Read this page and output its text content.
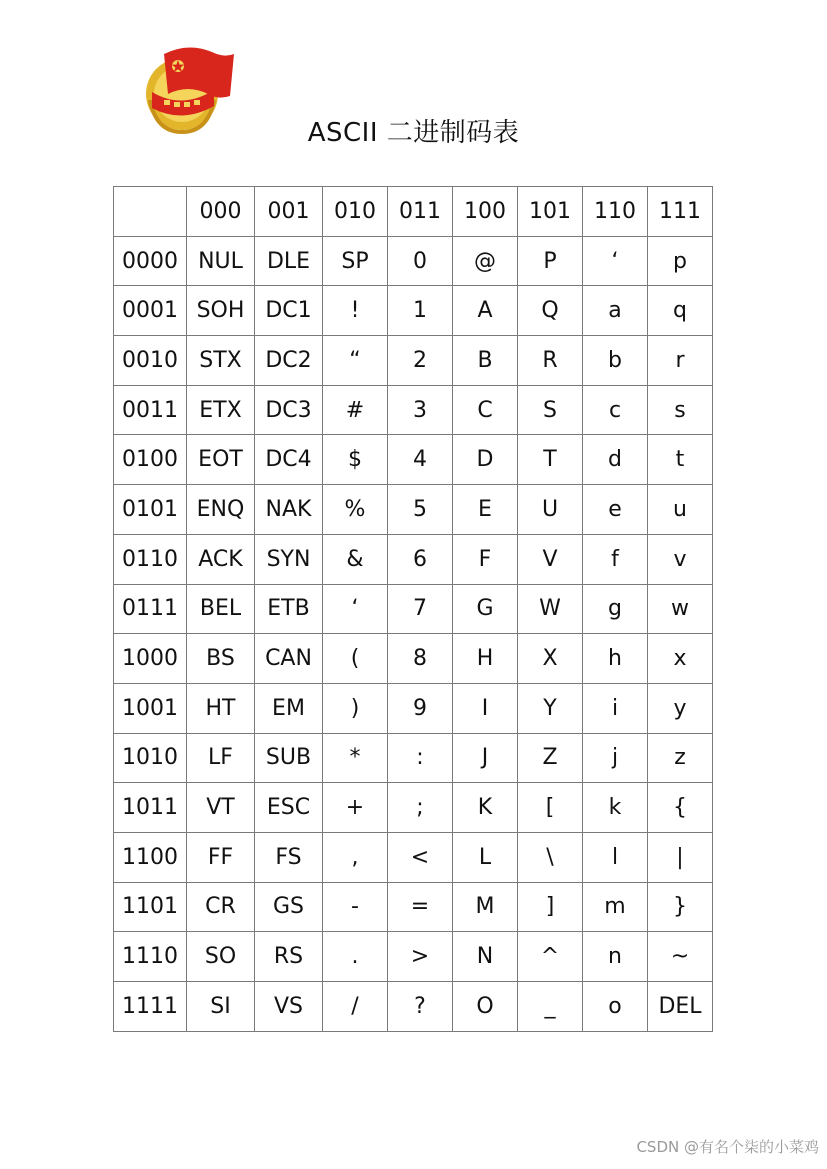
ASCII 二进制码表
	000	001	010	011	100	101	110	111
0000	NUL	DLE	SP	0	@	P	‘	p
0001	SOH	DC1	!	1	A	Q	a	q
0010	STX	DC2	“	2	B	R	b	r
0011	ETX	DC3	#	3	C	S	c	s
0100	EOT	DC4	$	4	D	T	d	t
0101	ENQ	NAK	%	5	E	U	e	u
0110	ACK	SYN	&	6	F	V	f	v
0111	BEL	ETB	‘	7	G	W	g	w
1000	BS	CAN	(	8	H	X	h	x
1001	HT	EM	)	9	I	Y	i	y
1010	LF	SUB	*	:	J	Z	j	z
1011	VT	ESC	+	;	K	[	k	{
1100	FF	FS	,	<	L	\	l	|
1101	CR	GS	-	=	M	]	m	}
1110	SO	RS	.	>	N	^	n	~
1111	SI	VS	/	?	O	_	o	DEL
CSDN @有名个柒的小菜鸡
